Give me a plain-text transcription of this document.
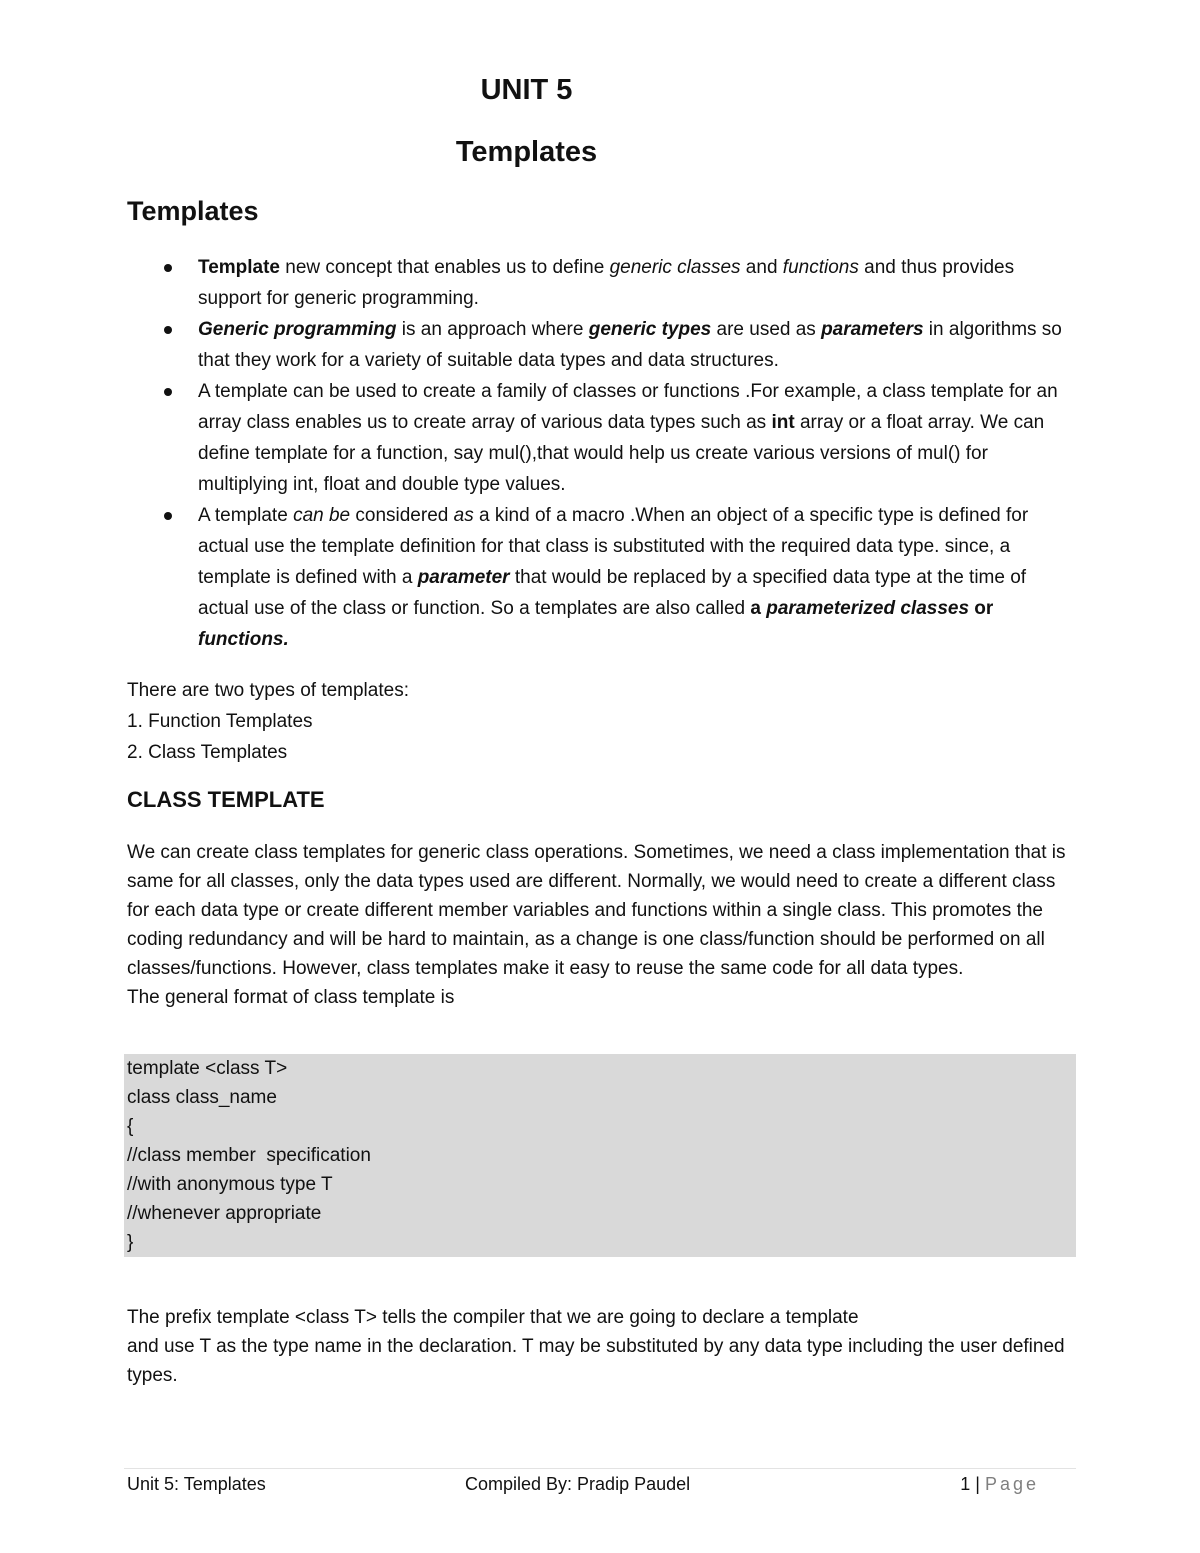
UNIT 5
Templates
Templates
Template new concept that enables us to define generic classes and functions and thus provides support for generic programming.
Generic programming is an approach where generic types are used as parameters in algorithms so that they work for a variety of suitable data types and data structures.
A template can be used to create a family of classes or functions .For example, a class template for an array class enables us to create array of various data types such as int array or a float array. We can define template for a function, say mul(),that would help us create various versions of mul() for multiplying int, float and double type values.
A template can be considered as a kind of a macro .When an object of a specific type is defined for actual use the template definition for that class is substituted with the required data type. since, a template is defined with a parameter that would be replaced by a specified data type at the time of actual use of the class or function. So a templates are also called a parameterized classes or functions.

There are two types of templates:

1. Function Templates

2. Class Templates

CLASS TEMPLATE

We can create class templates for generic class operations. Sometimes, we need a class implementation that is same for all classes, only the data types used are different. Normally, we would need to create a different class for each data type or create different member variables and functions within a single class. This promotes the coding redundancy and will be hard to maintain, as a change is one class/function should be performed on all classes/functions. However, class templates make it easy to reuse the same code for all data types.

The general format of class template is

template <class T>
class class_name
{
//class member  specification
//with anonymous type T
//whenever appropriate
}

The prefix template <class T> tells the compiler that we are going to declare a template

and use T as the type name in the declaration. T may be substituted by any data type including the user defined types.

Unit 5: Templates	Compiled By: Pradip Paudel	1 | Page
